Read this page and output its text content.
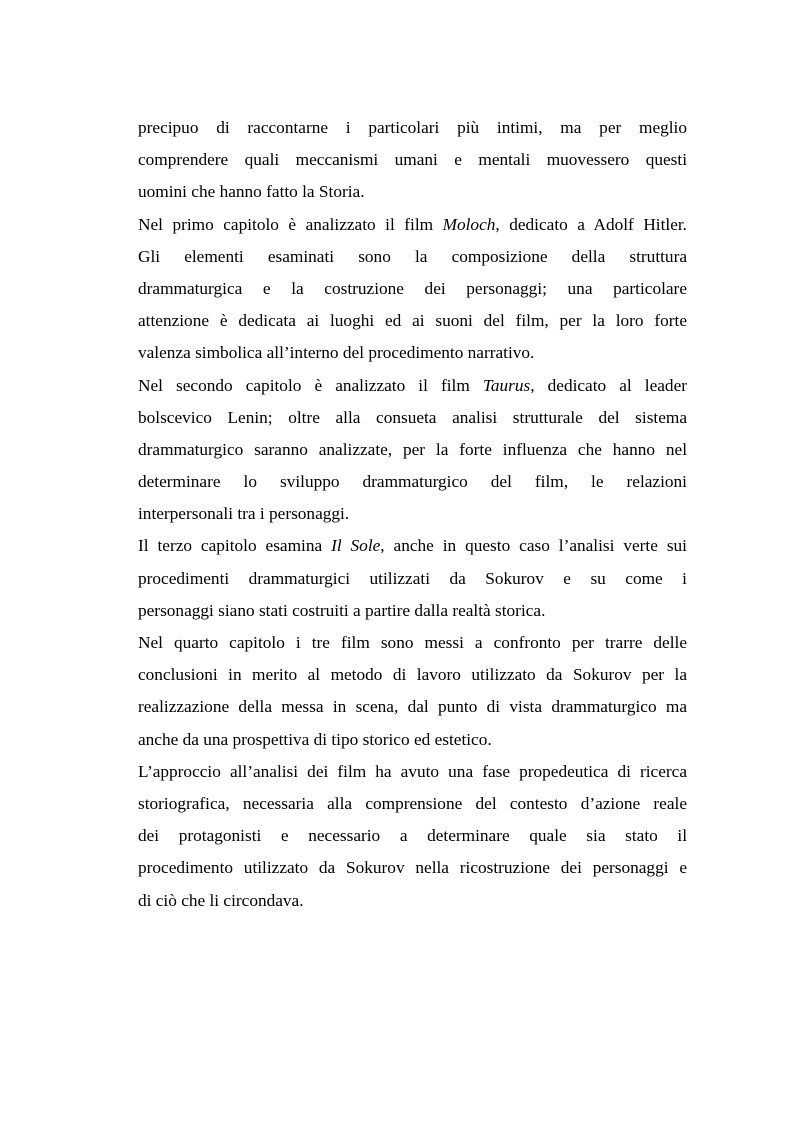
precipuo di raccontarne i particolari più intimi, ma per meglio
comprendere quali meccanismi umani e mentali muovessero questi
uomini che hanno fatto la Storia.
Nel primo capitolo è analizzato il film Moloch, dedicato a Adolf Hitler.
Gli elementi esaminati sono la composizione della struttura
drammaturgica e la costruzione dei personaggi; una particolare
attenzione è dedicata ai luoghi ed ai suoni del film, per la loro forte
valenza simbolica all’interno del procedimento narrativo.
Nel secondo capitolo è analizzato il film Taurus, dedicato al leader
bolscevico Lenin; oltre alla consueta analisi strutturale del sistema
drammaturgico saranno analizzate, per la forte influenza che hanno nel
determinare lo sviluppo drammaturgico del film, le relazioni
interpersonali tra i personaggi.
Il terzo capitolo esamina Il Sole, anche in questo caso l’analisi verte sui
procedimenti drammaturgici utilizzati da Sokurov e su come i
personaggi siano stati costruiti a partire dalla realtà storica.
Nel quarto capitolo i tre film sono messi a confronto per trarre delle
conclusioni in merito al metodo di lavoro utilizzato da Sokurov per la
realizzazione della messa in scena, dal punto di vista drammaturgico ma
anche da una prospettiva di tipo storico ed estetico.
L’approccio all’analisi dei film ha avuto una fase propedeutica di ricerca
storiografica, necessaria alla comprensione del contesto d’azione reale
dei protagonisti e necessario a determinare quale sia stato il
procedimento utilizzato da Sokurov nella ricostruzione dei personaggi e
di ciò che li circondava.
